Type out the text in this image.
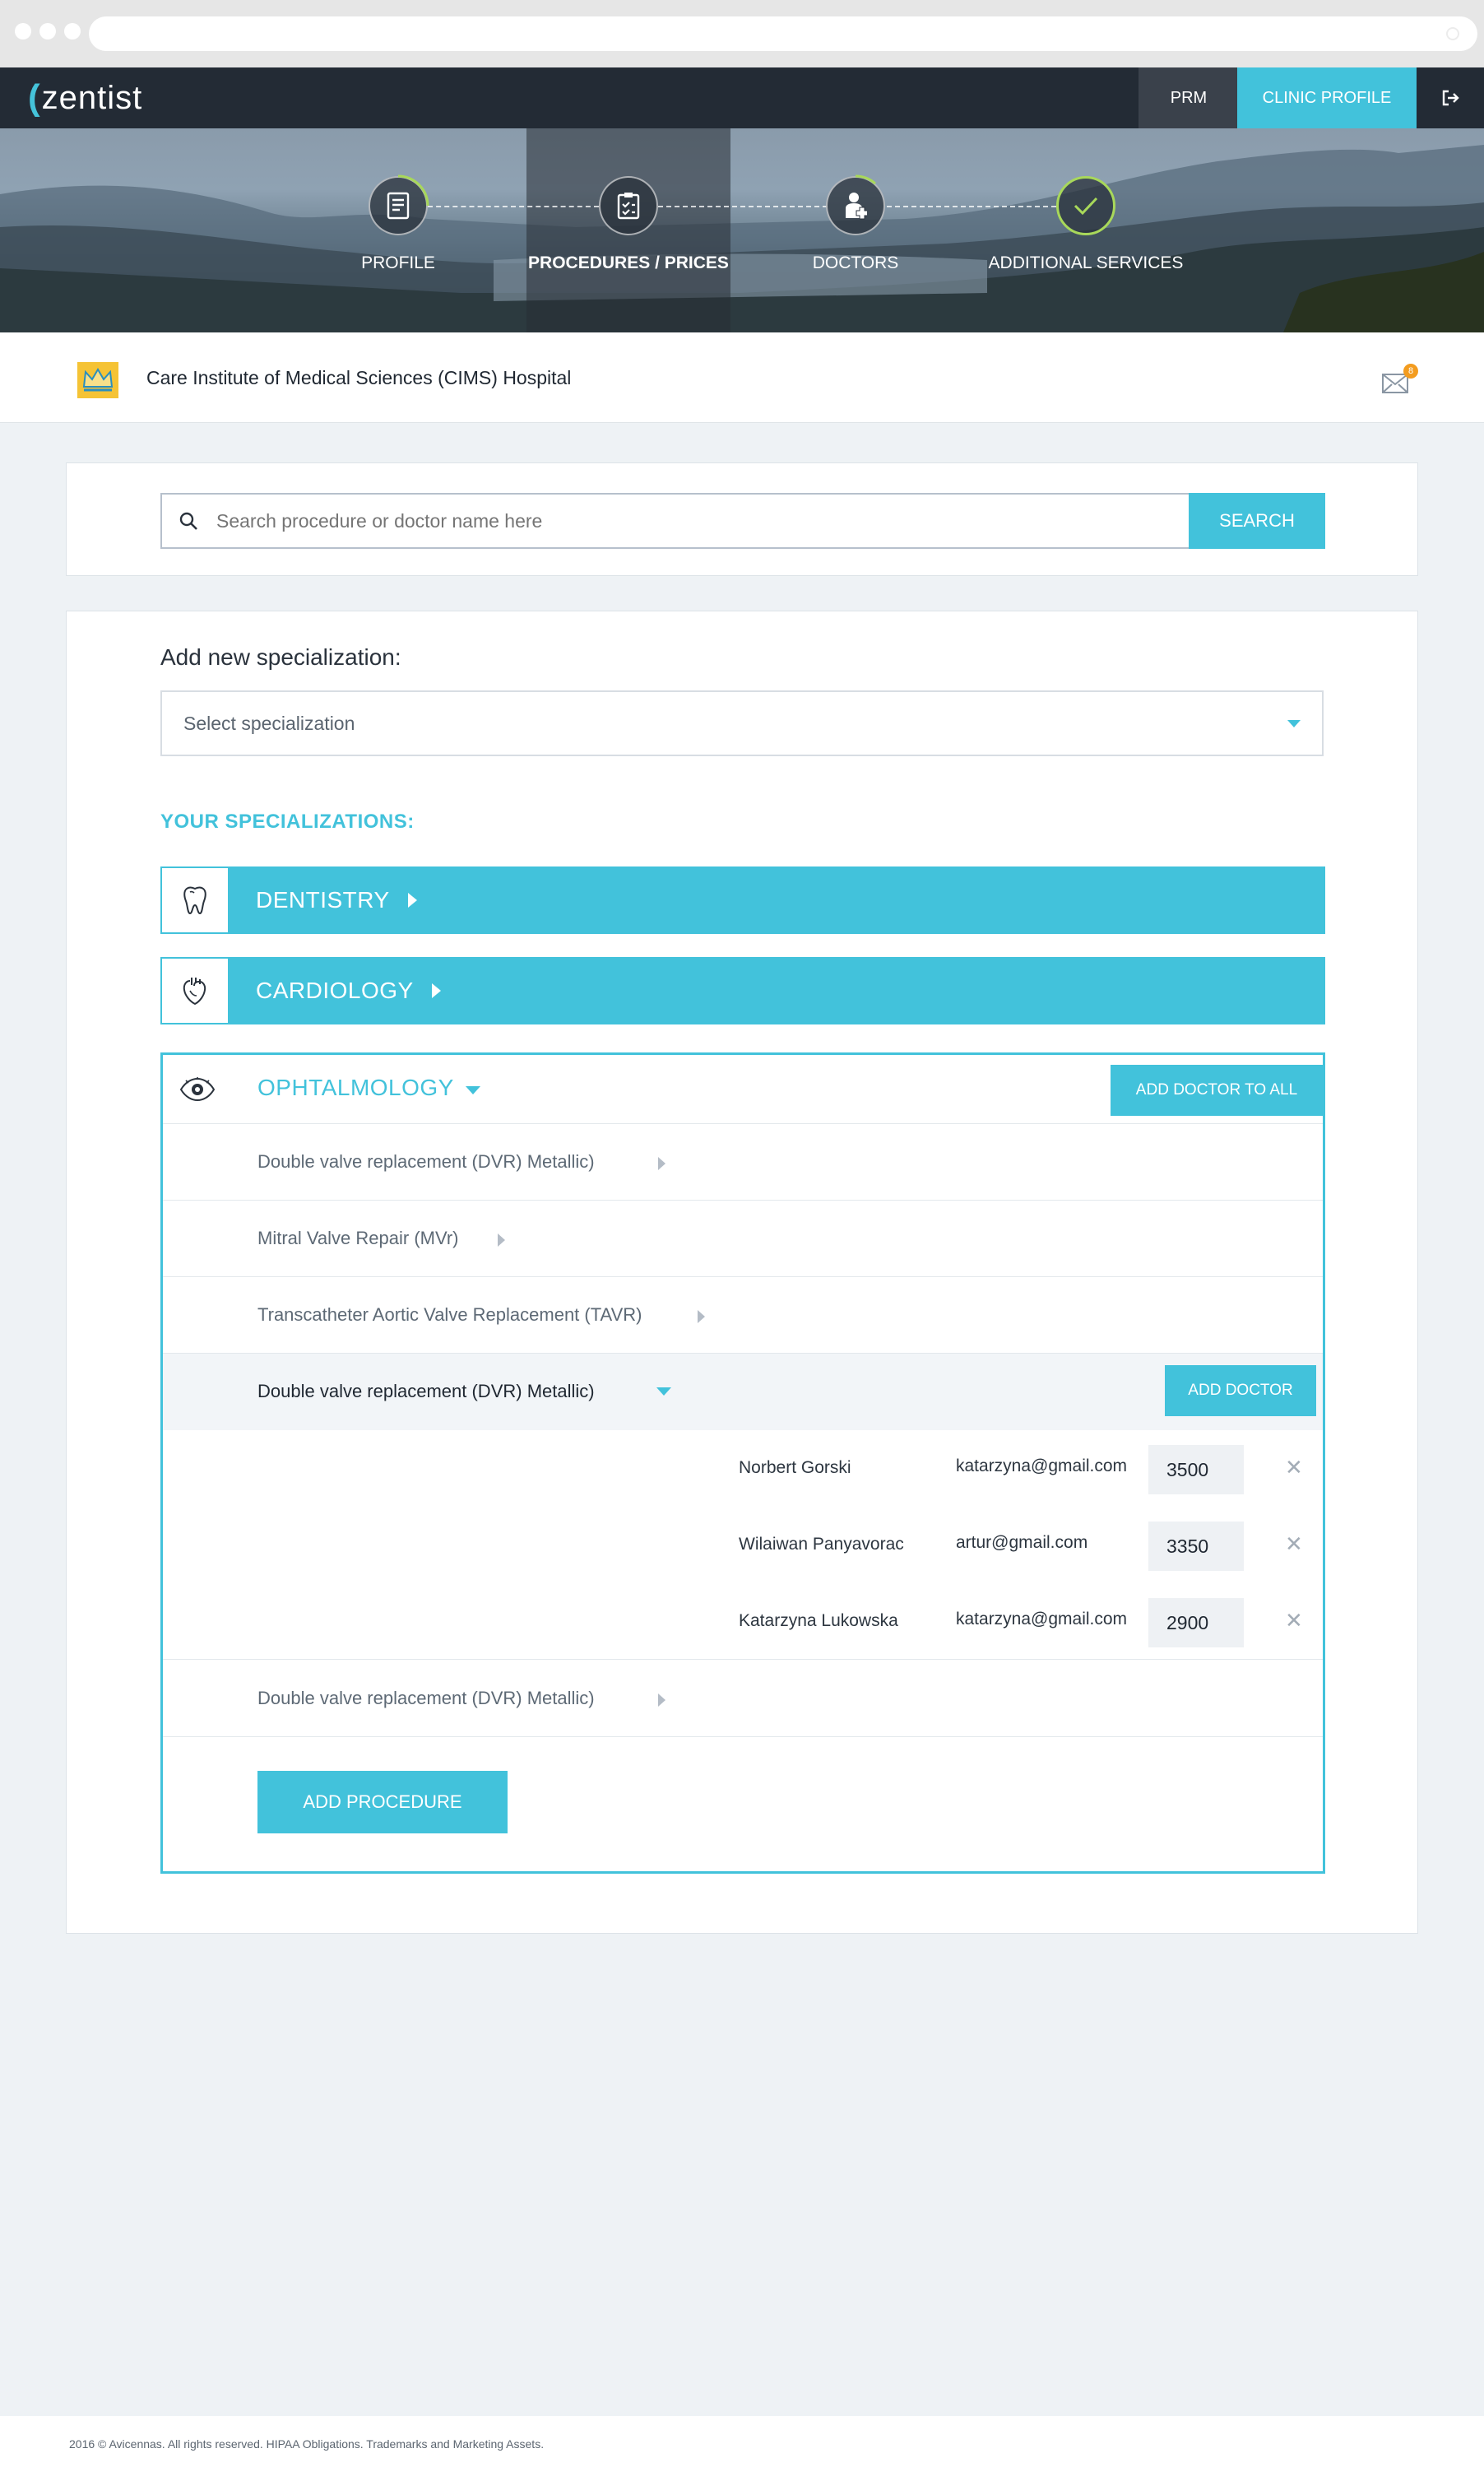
( zentist	PRM	CLINIC PROFILE
PROFILE	PROCEDURES / PRICES	DOCTORS	ADDITIONAL SERVICES
Care Institute of Medical Sciences (CIMS) Hospital	8
Search procedure or doctor name here
SEARCH
Add new specialization:
Select specialization
YOUR SPECIALIZATIONS:
DENTISTRY
CARDIOLOGY
OPHTALMOLOGY	ADD DOCTOR TO ALL
Double valve replacement (DVR) Metallic)
Mitral Valve Repair (MVr)
Transcatheter Aortic Valve Replacement (TAVR)
Double valve replacement (DVR) Metallic)	ADD DOCTOR
Norbert Gorski	katarzyna@gmail.com	3500	✕
Wilaiwan Panyavorac	artur@gmail.com	3350	✕
Katarzyna Lukowska	katarzyna@gmail.com	2900	✕
Double valve replacement (DVR) Metallic)
ADD PROCEDURE
2016 © Avicennas. All rights reserved. HIPAA Obligations. Trademarks and Marketing Assets.
